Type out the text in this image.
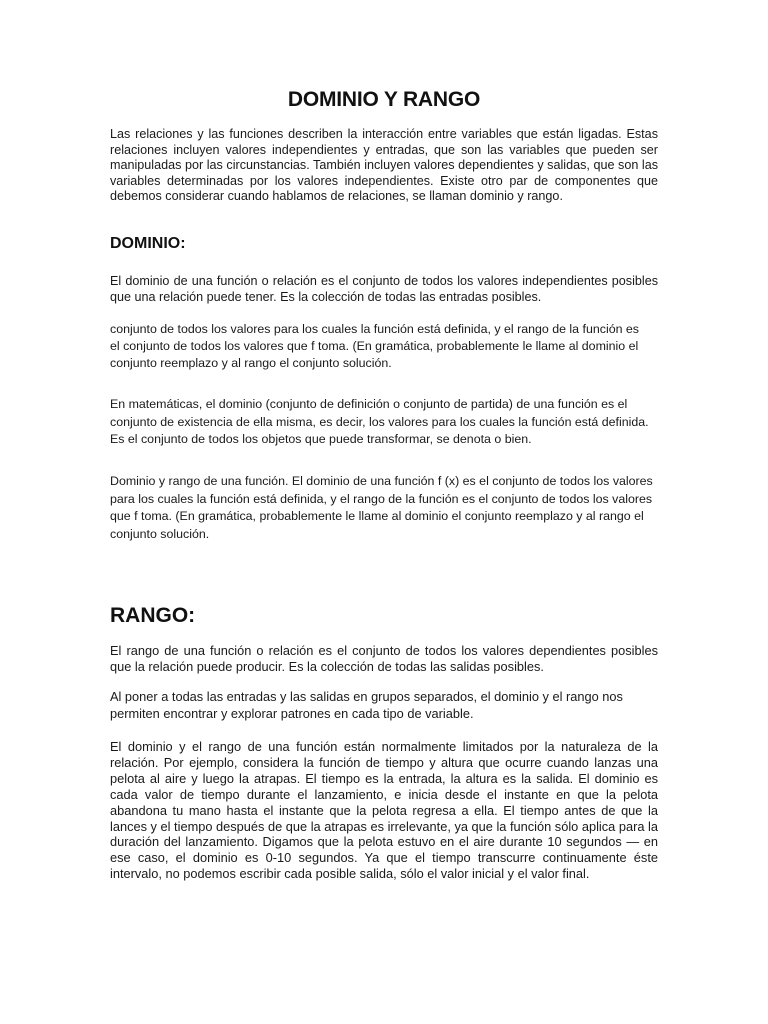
DOMINIO Y RANGO

Las relaciones y las funciones describen la interacción entre variables que están ligadas. Estas relaciones incluyen valores independientes y entradas, que son las variables que pueden ser manipuladas por las circunstancias. También incluyen valores dependientes y salidas, que son las variables determinadas por los valores independientes. Existe otro par de componentes que debemos considerar cuando hablamos de relaciones, se llaman dominio y rango.

DOMINIO:

El dominio de una función o relación es el conjunto de todos los valores independientes posibles que una relación puede tener. Es la colección de todas las entradas posibles.

conjunto de todos los valores para los cuales la función está definida, y el rango de la función es el conjunto de todos los valores que f toma. (En gramática, probablemente le llame al dominio el conjunto reemplazo y al rango el conjunto solución.

En matemáticas, el dominio (conjunto de definición o conjunto de partida) de una función es el conjunto de existencia de ella misma, es decir, los valores para los cuales la función está definida. Es el conjunto de todos los objetos que puede transformar, se denota o bien.

Dominio y rango de una función. El dominio de una función f (x) es el conjunto de todos los valores para los cuales la función está definida, y el rango de la función es el conjunto de todos los valores que f toma. (En gramática, probablemente le llame al dominio el conjunto reemplazo y al rango el conjunto solución.

RANGO:

El rango de una función o relación es el conjunto de todos los valores dependientes posibles que la relación puede producir. Es la colección de todas las salidas posibles.

Al poner a todas las entradas y las salidas en grupos separados, el dominio y el rango nos permiten encontrar y explorar patrones en cada tipo de variable.

El dominio y el rango de una función están normalmente limitados por la naturaleza de la relación. Por ejemplo, considera la función de tiempo y altura que ocurre cuando lanzas una pelota al aire y luego la atrapas. El tiempo es la entrada, la altura es la salida. El dominio es cada valor de tiempo durante el lanzamiento, e inicia desde el instante en que la pelota abandona tu mano hasta el instante que la pelota regresa a ella. El tiempo antes de que la lances y el tiempo después de que la atrapas es irrelevante, ya que la función sólo aplica para la duración del lanzamiento. Digamos que la pelota estuvo en el aire durante 10 segundos — en ese caso, el dominio es 0-10 segundos. Ya que el tiempo transcurre continuamente éste intervalo, no podemos escribir cada posible salida, sólo el valor inicial y el valor final.
